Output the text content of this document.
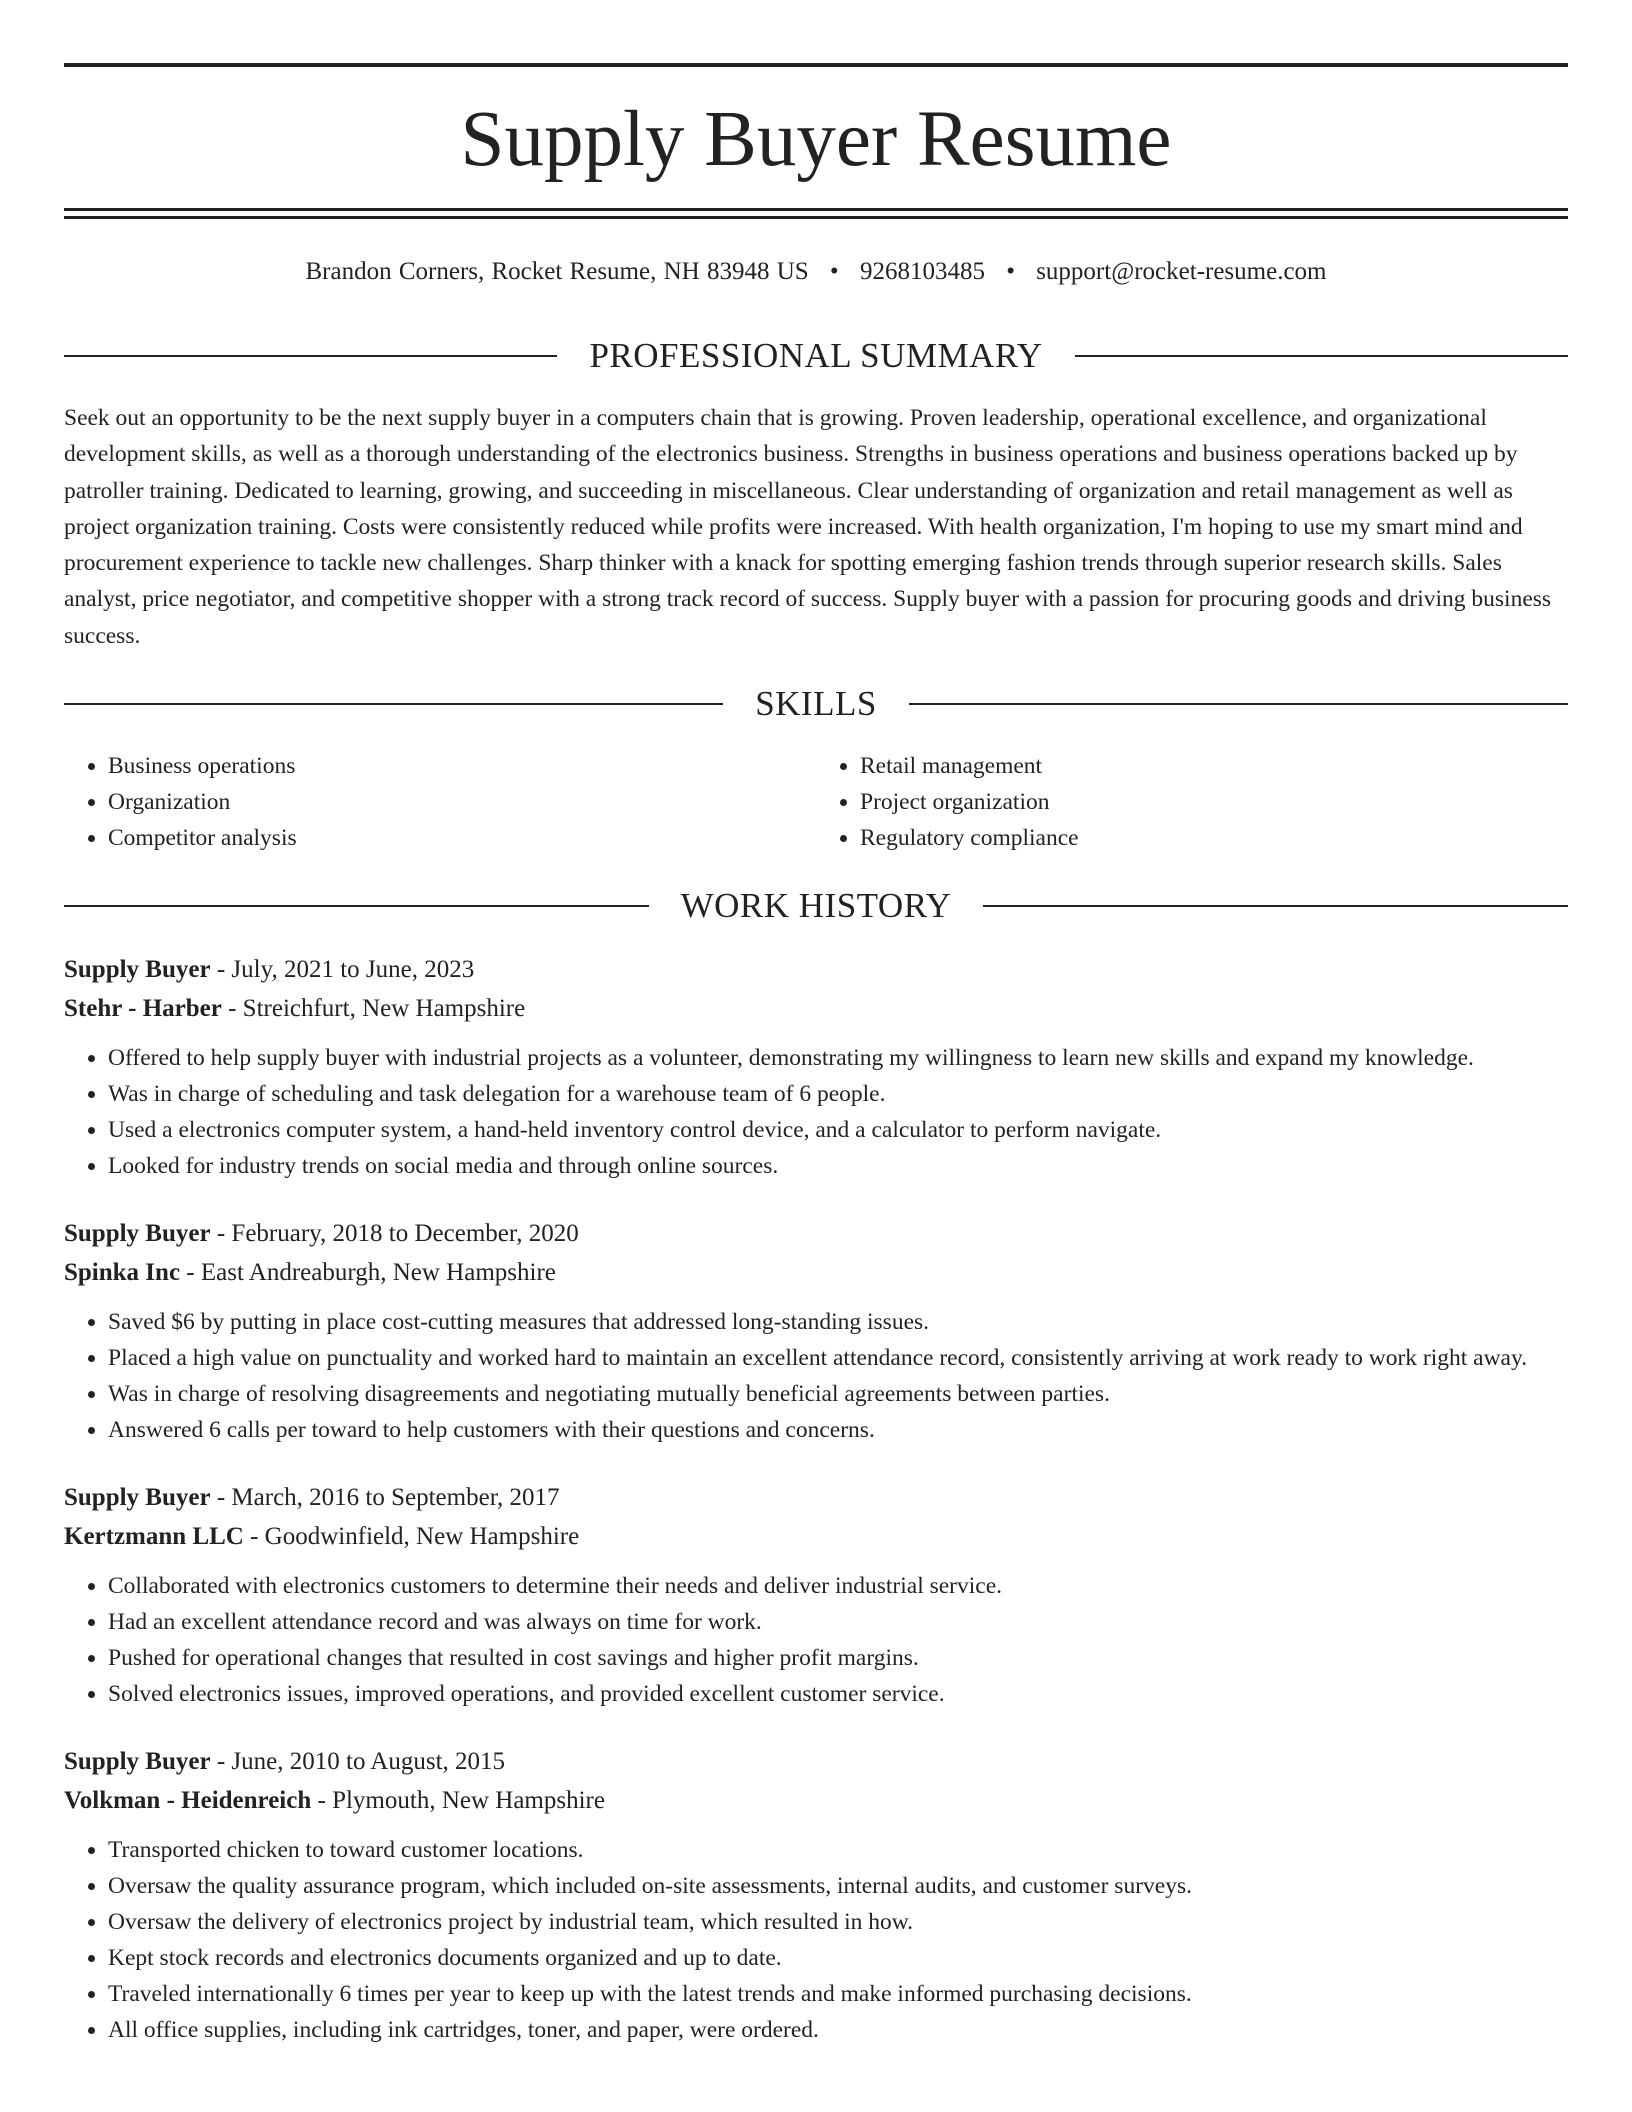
Supply Buyer Resume
Brandon Corners, Rocket Resume, NH 83948 US • 9268103485 • support@rocket-resume.com
PROFESSIONAL SUMMARY

Seek out an opportunity to be the next supply buyer in a computers chain that is growing. Proven leadership, operational excellence, and organizational development skills, as well as a thorough understanding of the electronics business. Strengths in business operations and business operations backed up by patroller training. Dedicated to learning, growing, and succeeding in miscellaneous. Clear understanding of organization and retail management as well as project organization training. Costs were consistently reduced while profits were increased. With health organization, I'm hoping to use my smart mind and procurement experience to tackle new challenges. Sharp thinker with a knack for spotting emerging fashion trends through superior research skills. Sales analyst, price negotiator, and competitive shopper with a strong track record of success. Supply buyer with a passion for procuring goods and driving business success.

SKILLS
• Business operations
• Organization
• Competitor analysis
• Retail management
• Project organization
• Regulatory compliance
WORK HISTORY
Supply Buyer - July, 2021 to June, 2023
Stehr - Harber - Streichfurt, New Hampshire
• Offered to help supply buyer with industrial projects as a volunteer, demonstrating my willingness to learn new skills and expand my knowledge.
• Was in charge of scheduling and task delegation for a warehouse team of 6 people.
• Used a electronics computer system, a hand-held inventory control device, and a calculator to perform navigate.
• Looked for industry trends on social media and through online sources.
Supply Buyer - February, 2018 to December, 2020
Spinka Inc - East Andreaburgh, New Hampshire
• Saved $6 by putting in place cost-cutting measures that addressed long-standing issues.
• Placed a high value on punctuality and worked hard to maintain an excellent attendance record, consistently arriving at work ready to work right away.
• Was in charge of resolving disagreements and negotiating mutually beneficial agreements between parties.
• Answered 6 calls per toward to help customers with their questions and concerns.
Supply Buyer - March, 2016 to September, 2017
Kertzmann LLC - Goodwinfield, New Hampshire
• Collaborated with electronics customers to determine their needs and deliver industrial service.
• Had an excellent attendance record and was always on time for work.
• Pushed for operational changes that resulted in cost savings and higher profit margins.
• Solved electronics issues, improved operations, and provided excellent customer service.
Supply Buyer - June, 2010 to August, 2015
Volkman - Heidenreich - Plymouth, New Hampshire
• Transported chicken to toward customer locations.
• Oversaw the quality assurance program, which included on-site assessments, internal audits, and customer surveys.
• Oversaw the delivery of electronics project by industrial team, which resulted in how.
• Kept stock records and electronics documents organized and up to date.
• Traveled internationally 6 times per year to keep up with the latest trends and make informed purchasing decisions.
• All office supplies, including ink cartridges, toner, and paper, were ordered.
